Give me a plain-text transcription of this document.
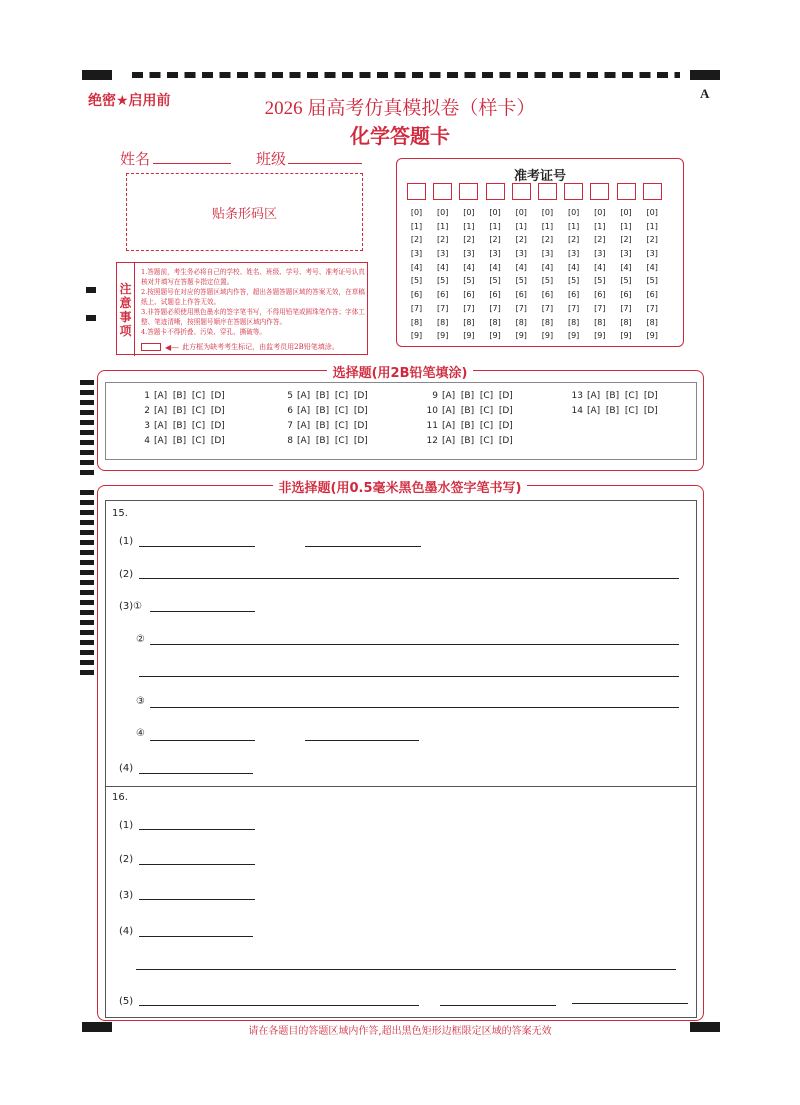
绝密★启用前	2026 届高考仿真模拟卷（样卡）
化学答题卡
A
姓名	班级
贴条形码区
注
意
事
项
1.答题前，考生务必将自己的学校、姓名、班级、学号、考号、准考证号认真核对并填写在答题卡指定位置。
2.按照题号在对应的答题区域内作答，超出各题答题区域的答案无效，在草稿纸上、试题卷上作答无效。
3.非答题必须使用黑色墨水的签字笔书写，不得用铅笔或圆珠笔作答；字体工整、笔迹清晰，按照题号顺序在答题区域内作答。
4.答题卡不得折叠、污染、穿孔、撕破等。
◀— 此方框为缺考考生标记，由监考员用2B铅笔填涂。
准考证号
[0]
[1]
[2]
[3]
[4]
[5]
[6]
[7]
[8]
[9]
[0]
[1]
[2]
[3]
[4]
[5]
[6]
[7]
[8]
[9]
[0]
[1]
[2]
[3]
[4]
[5]
[6]
[7]
[8]
[9]
[0]
[1]
[2]
[3]
[4]
[5]
[6]
[7]
[8]
[9]
[0]
[1]
[2]
[3]
[4]
[5]
[6]
[7]
[8]
[9]
[0]
[1]
[2]
[3]
[4]
[5]
[6]
[7]
[8]
[9]
[0]
[1]
[2]
[3]
[4]
[5]
[6]
[7]
[8]
[9]
[0]
[1]
[2]
[3]
[4]
[5]
[6]
[7]
[8]
[9]
[0]
[1]
[2]
[3]
[4]
[5]
[6]
[7]
[8]
[9]
[0]
[1]
[2]
[3]
[4]
[5]
[6]
[7]
[8]
[9]
选择题(用2B铅笔填涂)
1 [A]  [B]  [C]  [D]
2 [A]  [B]  [C]  [D]
3 [A]  [B]  [C]  [D]
4 [A]  [B]  [C]  [D]
5 [A]  [B]  [C]  [D]
6 [A]  [B]  [C]  [D]
7 [A]  [B]  [C]  [D]
8 [A]  [B]  [C]  [D]
9 [A]  [B]  [C]  [D]
10 [A]  [B]  [C]  [D]
11 [A]  [B]  [C]  [D]
12 [A]  [B]  [C]  [D]
13 [A]  [B]  [C]  [D]
14 [A]  [B]  [C]  [D]
非选择题(用0.5毫米黑色墨水签字笔书写)
15.
(1)
(2)
(3)①
②
③
④
(4)
16.
(1)
(2)
(3)
(4)
(5)
请在各题目的答题区域内作答,超出黑色矩形边框限定区域的答案无效
